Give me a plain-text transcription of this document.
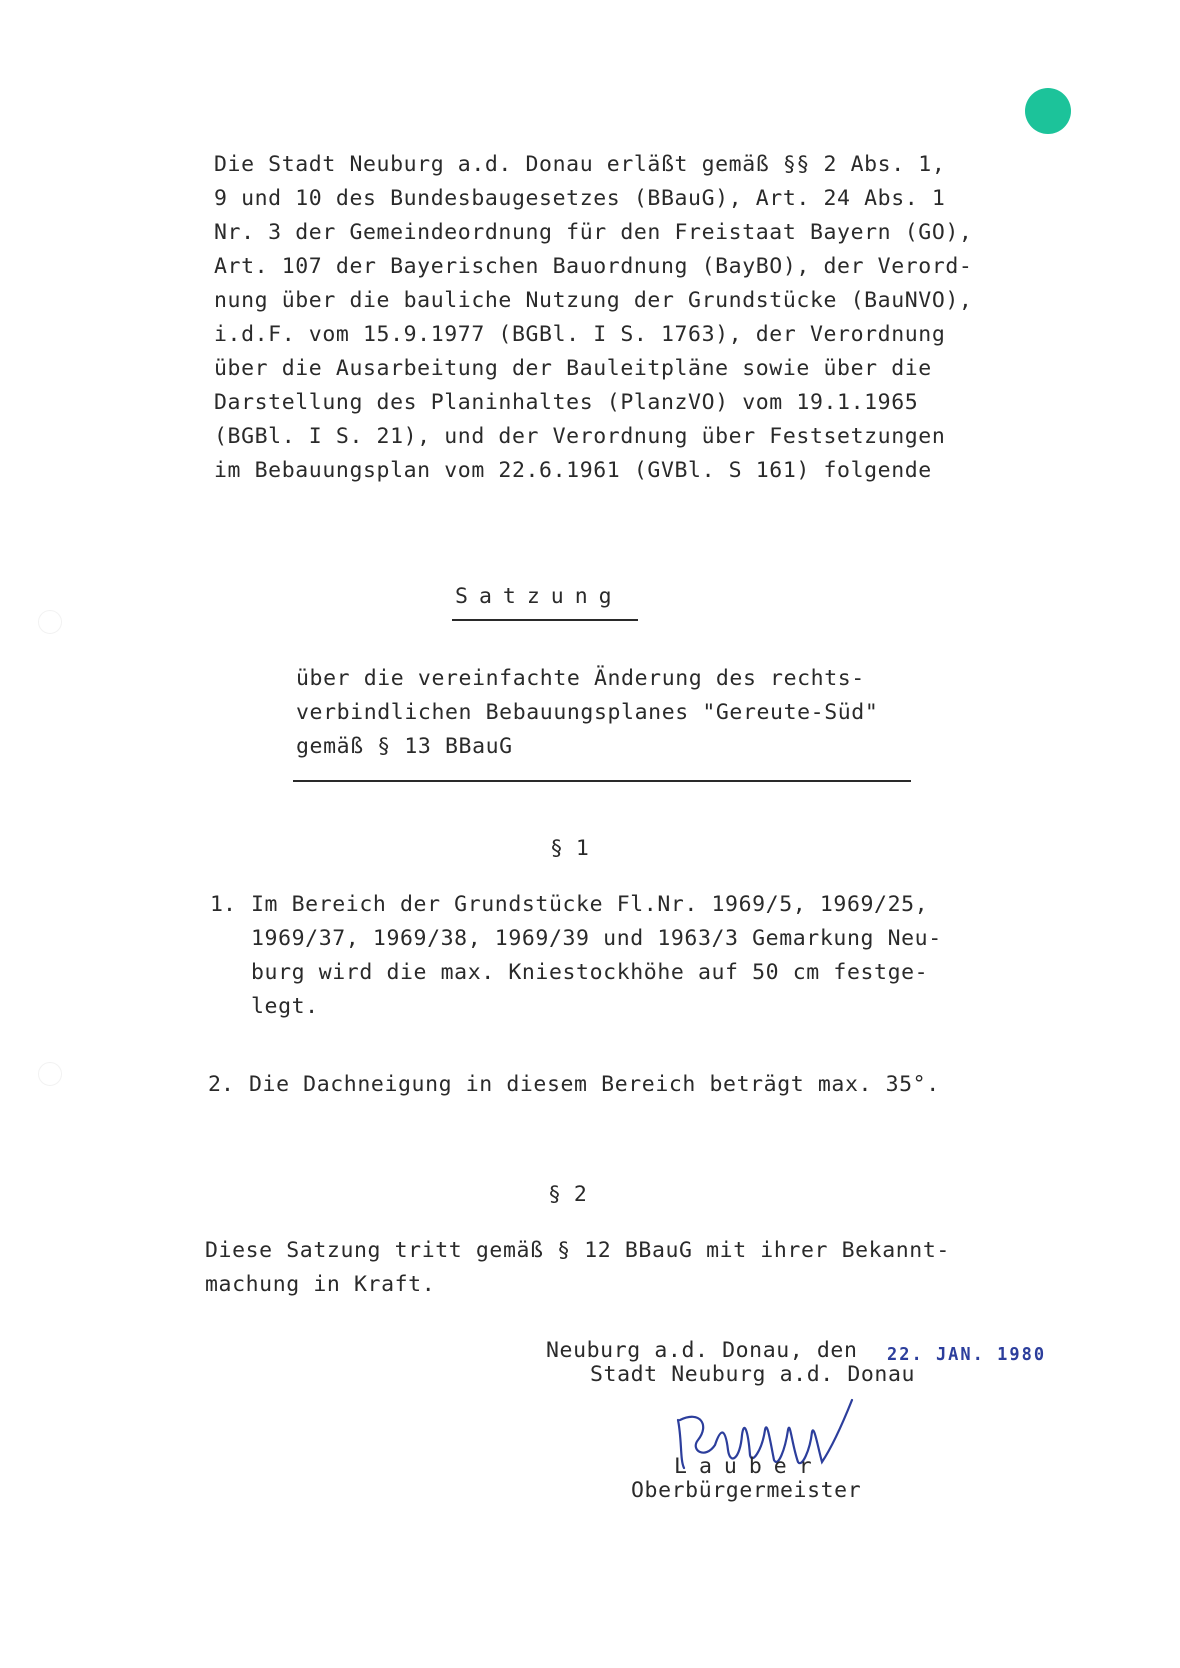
Die Stadt Neuburg a.d. Donau erläßt gemäß §§ 2 Abs. 1,
9 und 10 des Bundesbaugesetzes (BBauG), Art. 24 Abs. 1
Nr. 3 der Gemeindeordnung für den Freistaat Bayern (GO),
Art. 107 der Bayerischen Bauordnung (BayBO), der Verord-
nung über die bauliche Nutzung der Grundstücke (BauNVO),
i.d.F. vom 15.9.1977 (BGBl. I S. 1763), der Verordnung
über die Ausarbeitung der Bauleitpläne sowie über die
Darstellung des Planinhaltes (PlanzVO) vom 19.1.1965
(BGBl. I S. 21), und der Verordnung über Festsetzungen
im Bebauungsplan vom 22.6.1961 (GVBl. S 161) folgende
Satzung
über die vereinfachte Änderung des rechts-
verbindlichen Bebauungsplanes "Gereute-Süd"
gemäß § 13 BBauG
§ 1
1. Im Bereich der Grundstücke Fl.Nr. 1969/5, 1969/25,
1969/37, 1969/38, 1969/39 und 1963/3 Gemarkung Neu-
burg wird die max. Kniestockhöhe auf 50 cm festge-
legt.
2. Die Dachneigung in diesem Bereich beträgt max. 35°.
§ 2
Diese Satzung tritt gemäß § 12 BBauG mit ihrer Bekannt-
machung in Kraft.
Neuburg a.d. Donau, den 22. JAN. 1980
Stadt Neuburg a.d. Donau
Lauber
Oberbürgermeister
